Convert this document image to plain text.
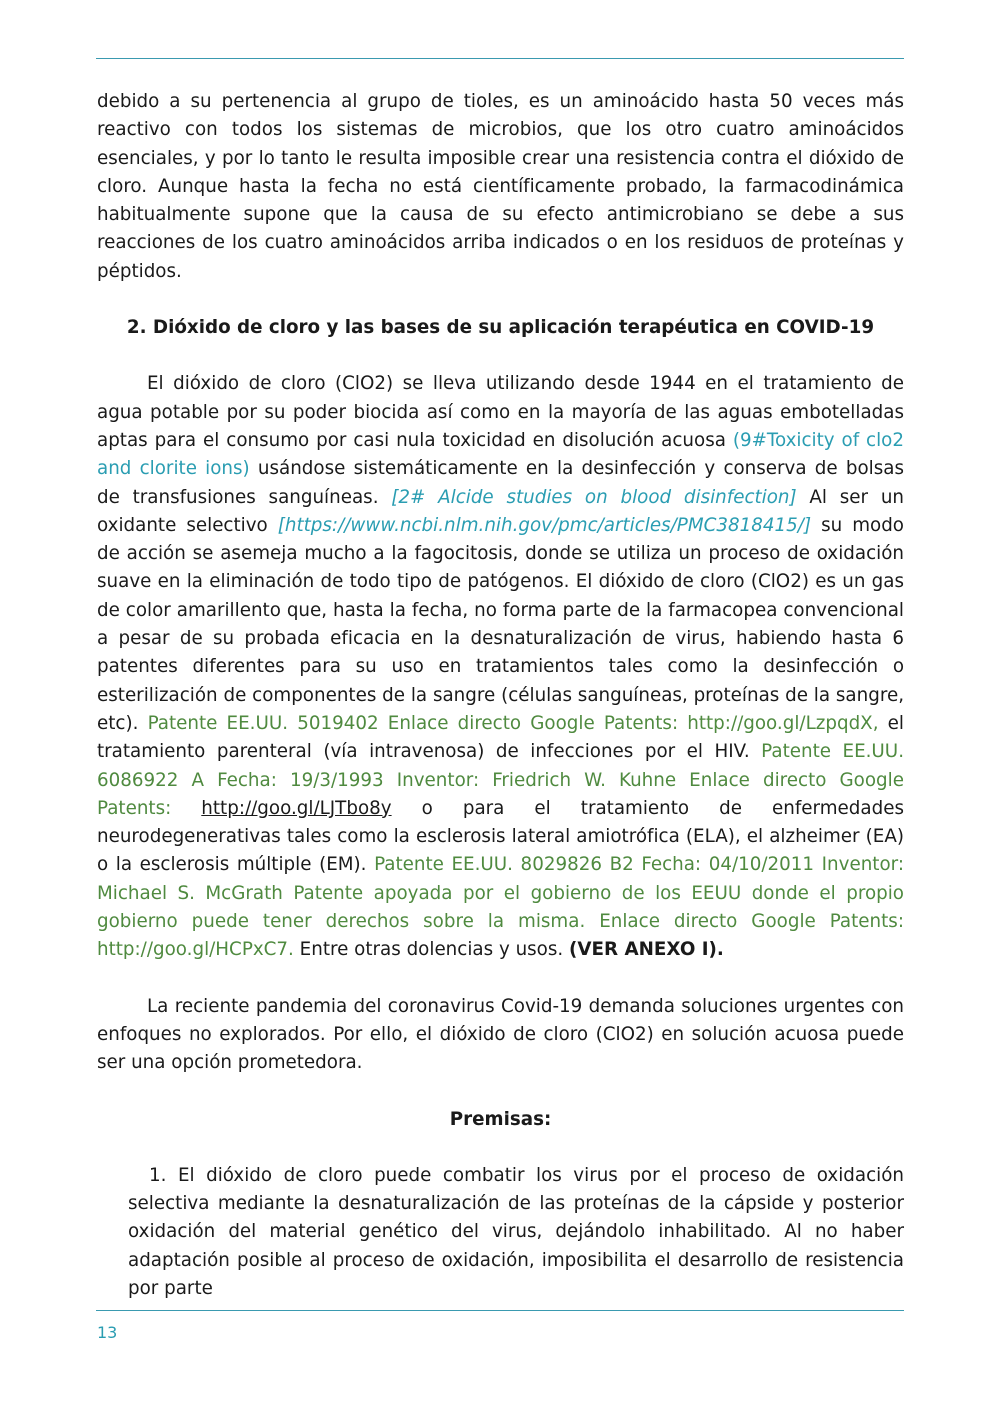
debido a su pertenencia al grupo de tioles, es un aminoácido hasta 50 veces más reactivo con todos los sistemas de microbios, que los otro cuatro aminoácidos esenciales, y por lo tanto le resulta imposible crear una resistencia contra el dióxido de cloro. Aunque hasta la fecha no está científicamente probado, la farmacodinámica habitualmente supone que la causa de su efecto antimicrobiano se debe a sus reacciones de los cuatro aminoácidos arriba indicados o en los residuos de proteínas y péptidos.

2. Dióxido de cloro y las bases de su aplicación terapéutica en COVID-19

El dióxido de cloro (ClO2) se lleva utilizando desde 1944 en el tratamiento de agua potable por su poder biocida así como en la mayoría de las aguas embotelladas aptas para el consumo por casi nula toxicidad en disolución acuosa (9#Toxicity of clo2 and clorite ions) usándose sistemáticamente en la desinfección y conserva de bolsas de transfusiones sanguíneas. [2# Alcide studies on blood disinfection] Al ser un oxidante selectivo [https://www.ncbi.nlm.nih.gov/pmc/articles/PMC3818415/] su modo de acción se asemeja mucho a la fagocitosis, donde se utiliza un proceso de oxidación suave en la eliminación de todo tipo de patógenos. El dióxido de cloro (ClO2) es un gas de color amarillento que, hasta la fecha, no forma parte de la farmacopea convencional a pesar de su probada eficacia en la desnaturalización de virus, habiendo hasta 6 patentes diferentes para su uso en tratamientos tales como la desinfección o esterilización de componentes de la sangre (células sanguíneas, proteínas de la sangre, etc). Patente EE.UU. 5019402 Enlace directo Google Patents: http://goo.gl/LzpqdX, el tratamiento parenteral (vía intravenosa) de infecciones por el HIV. Patente EE.UU. 6086922 A Fecha: 19/3/1993 Inventor: Friedrich W. Kuhne Enlace directo Google Patents: http://goo.gl/LJTbo8y o para el tratamiento de enfermedades neurodegenerativas tales como la esclerosis lateral amiotrófica (ELA), el alzheimer (EA) o la esclerosis múltiple (EM). Patente EE.UU. 8029826 B2 Fecha: 04/10/2011 Inventor: Michael S. McGrath Patente apoyada por el gobierno de los EEUU donde el propio gobierno puede tener derechos sobre la misma. Enlace directo Google Patents: http://goo.gl/HCPxC7. Entre otras dolencias y usos. (VER ANEXO I).

La reciente pandemia del coronavirus Covid-19 demanda soluciones urgentes con enfoques no explorados. Por ello, el dióxido de cloro (ClO2) en solución acuosa puede ser una opción prometedora.

Premisas:

1. El dióxido de cloro puede combatir los virus por el proceso de oxidación selectiva mediante la desnaturalización de las proteínas de la cápside y posterior oxidación del material genético del virus, dejándolo inhabilitado. Al no haber adaptación posible al proceso de oxidación, imposibilita el desarrollo de resistencia por parte

13
